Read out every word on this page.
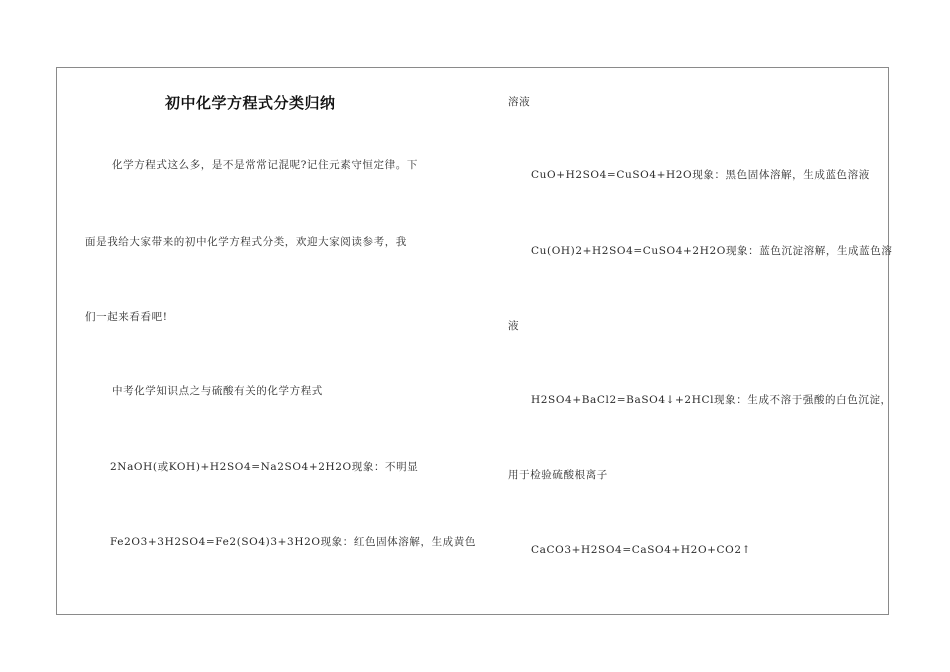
初中化学方程式分类归纳
化学方程式这么多，是不是常常记混呢?记住元素守恒定律。下
面是我给大家带来的初中化学方程式分类，欢迎大家阅读参考，我
们一起来看看吧!
中考化学知识点之与硫酸有关的化学方程式
2NaOH(或KOH)+H2SO4=Na2SO4+2H2O现象：不明显
Fe2O3+3H2SO4=Fe2(SO4)3+3H2O现象：红色固体溶解，生成黄色
溶液
CuO+H2SO4=CuSO4+H2O现象：黑色固体溶解，生成蓝色溶液
Cu(OH)2+H2SO4=CuSO4+2H2O现象：蓝色沉淀溶解，生成蓝色溶
液
H2SO4+BaCl2=BaSO4↓+2HCl现象：生成不溶于强酸的白色沉淀，
用于检验硫酸根离子
CaCO3+H2SO4=CaSO4+H2O+CO2↑
